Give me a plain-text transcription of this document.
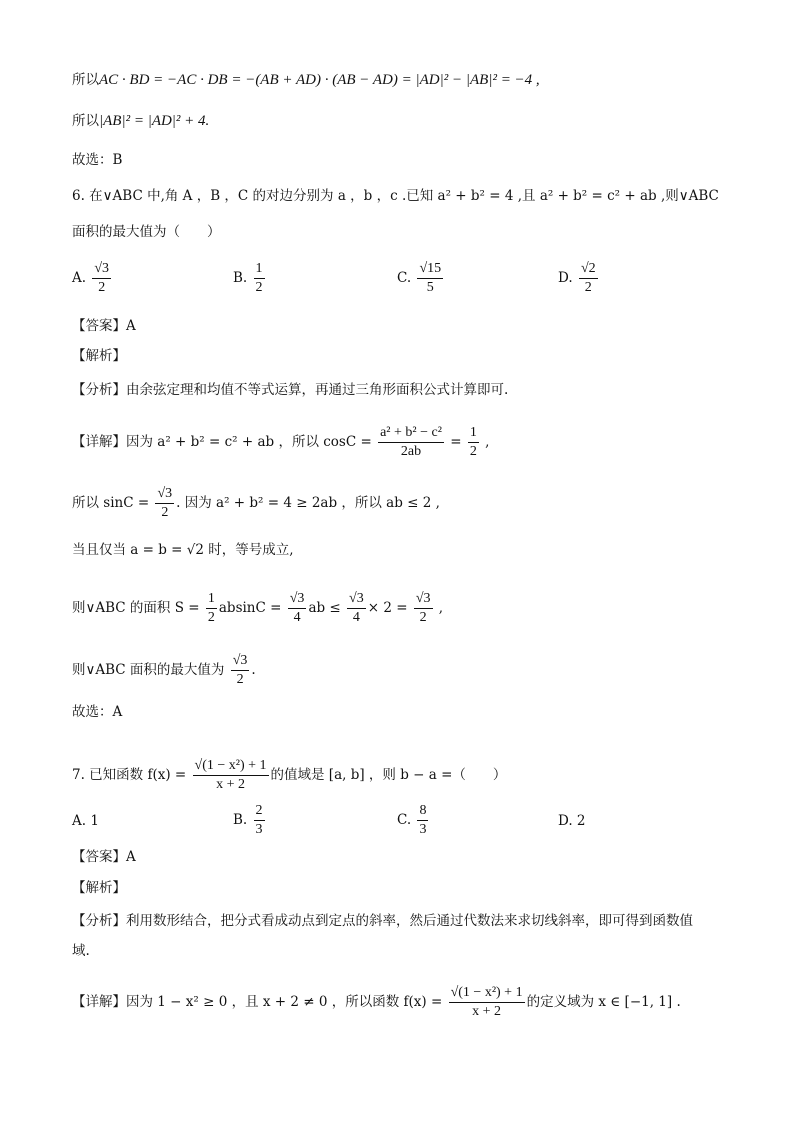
所以AC · BD = −AC · DB = −(AB + AD) · (AB − AD) = |AD|² − |AB|² = −4 ,
所以|AB|² = |AD|² + 4.
故选：B
6. 在∨ABC 中,角 A ，B ，C 的对边分别为 a ，b ，c .已知 a² + b² = 4 ,且 a² + b² = c² + ab ,则∨ABC
面积的最大值为（　　）
A. $\frac{√3}{2}$	B. $\frac{1}{2}$	C. $\frac{√15}{5}$	D. $\frac{√2}{2}$
【答案】A
【解析】
【分析】由余弦定理和均值不等式运算，再通过三角形面积公式计算即可.
【详解】因为 a² + b² = c² + ab ，所以 $\cos C = \frac{\text{a² + b² − c²}}{2ab} = \frac{1}{2}$ ,
所以 $\sin C = \frac{√3}{2}$ . 因为 a² + b² = 4 ≥ 2ab ，所以 ab ≤ 2 ,
当且仅当 a = b = √2 时，等号成立,
则∨ABC 的面积 $S = \frac{1}{2}$ $absinC = \frac{√3}{4}$ ab ≤ $\frac{√3}{4} \times 2 = \frac{√3}{2}$ ,
则∨ABC 面积的最大值为 $\frac{√3}{2}$ .
故选：A
7. 已知函数 $f(x) = \frac{\text{√(1 − x²) + 1}}{x + 2}$ 的值域是 [a, b] ，则 b − a =（　　）
A. 1	B. $\frac{2}{3}$	C. $\frac{8}{3}$	D. 2
【答案】A
【解析】
【分析】利用数形结合，把分式看成动点到定点的斜率，然后通过代数法来求切线斜率，即可得到函数值
域.
【详解】因为 1 − x² ≥ 0 ，且 x + 2 ≠ 0 ，所以函数 $f(x) = \frac{\text{√(1 − x²) + 1}}{x + 2}$ 的定义域为 x ∈ [−1, 1] .
